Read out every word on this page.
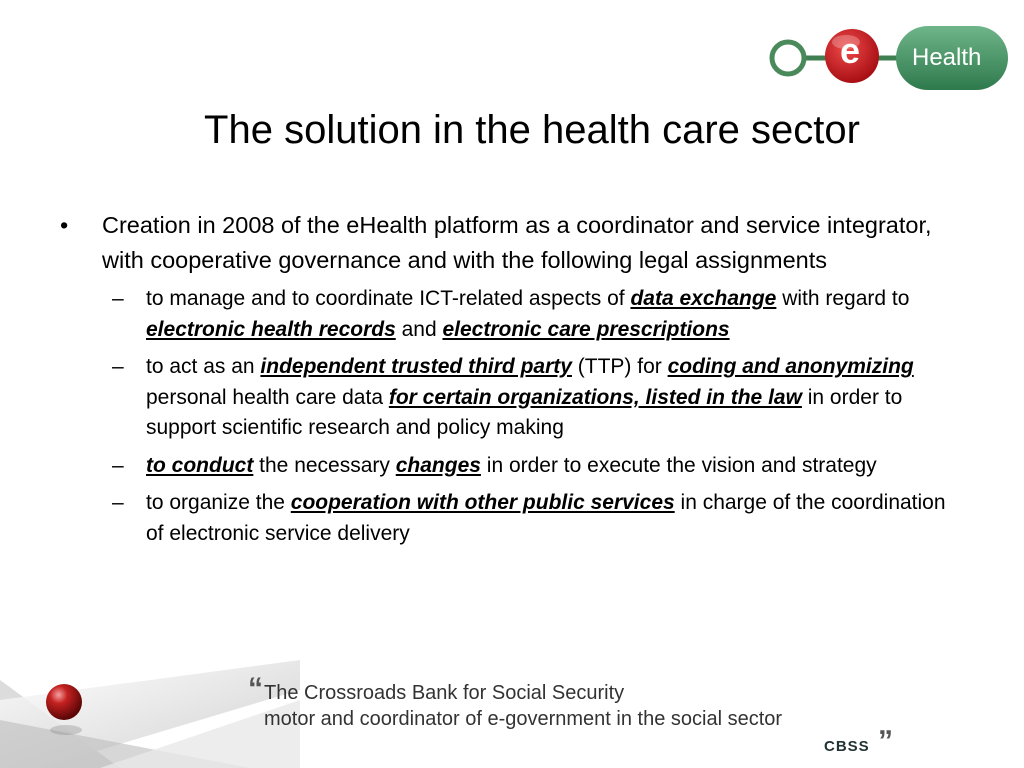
e Health
The solution in the health care sector
• Creation in 2008 of the eHealth platform as a coordinator and service integrator, with cooperative governance and with the following legal assignments
– to manage and to coordinate ICT-related aspects of data exchange with regard to electronic health records and electronic care prescriptions
– to act as an independent trusted third party (TTP) for coding and anonymizing personal health care data for certain organizations, listed in the law in order to support scientific research and policy making
– to conduct the necessary changes in order to execute the vision and strategy
– to organize the cooperation with other public services in charge of the coordination of electronic service delivery
“ The Crossroads Bank for Social Security
motor and coordinator of e-government in the social sector	„
CBSS
